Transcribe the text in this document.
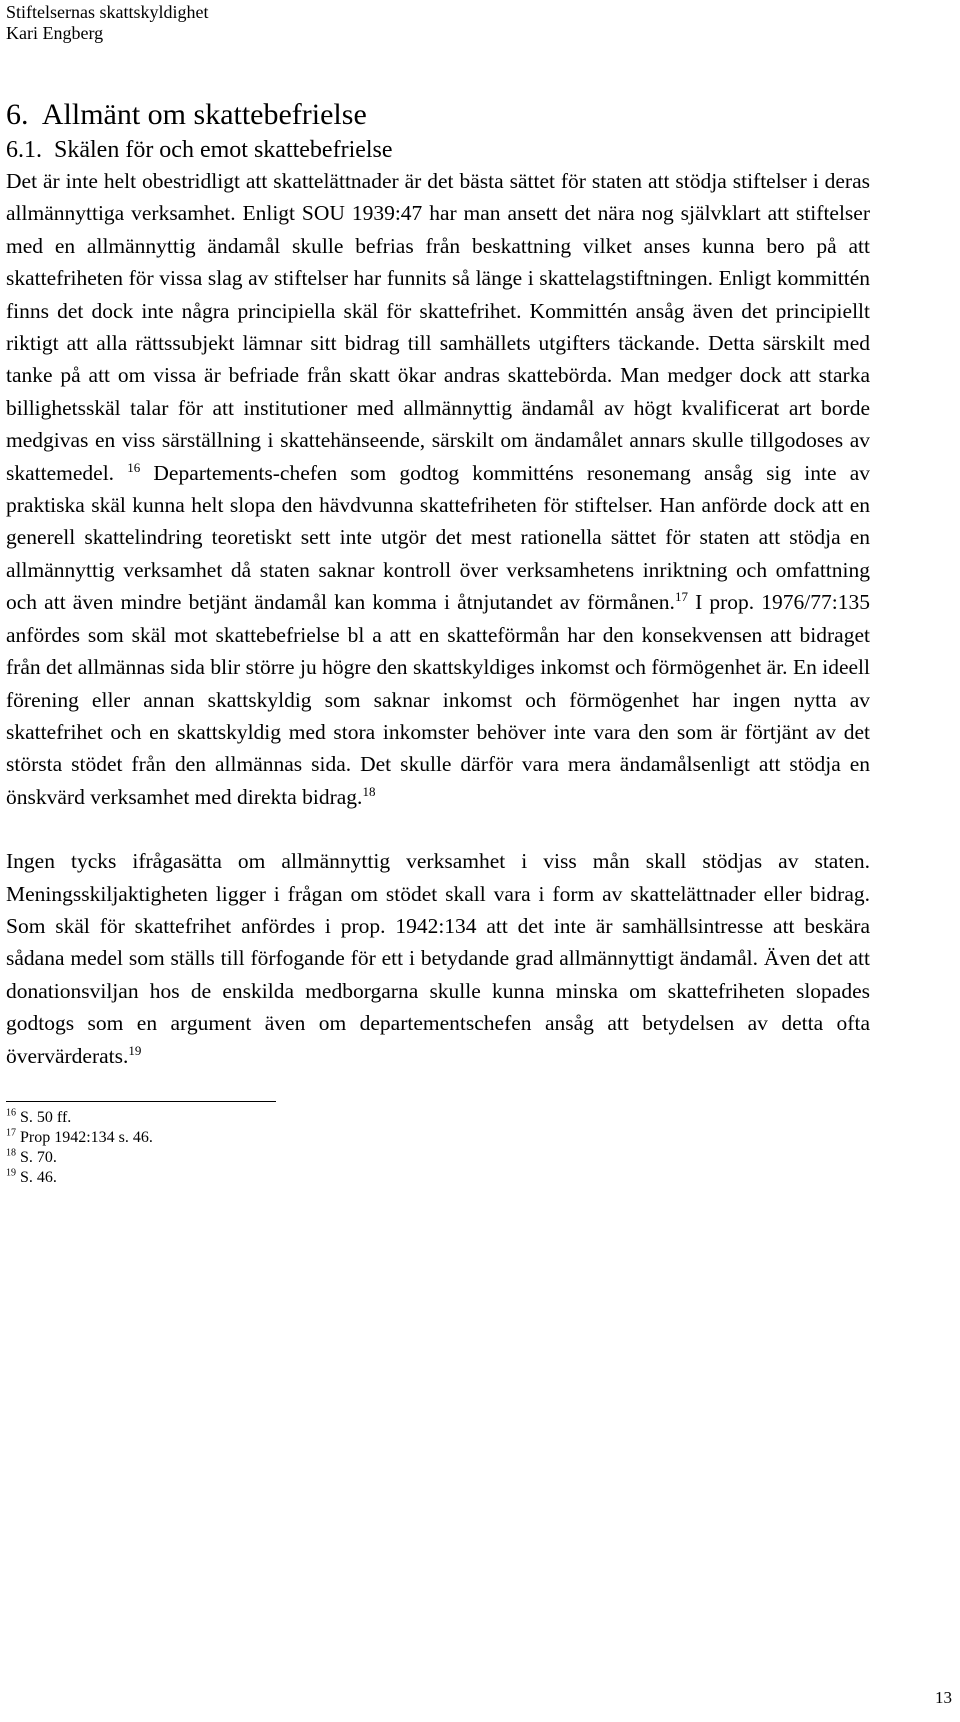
Stiftelsernas skattskyldighet
Kari Engberg
6. Allmänt om skattebefrielse
6.1. Skälen för och emot skattebefrielse

Det är inte helt obestridligt att skattelättnader är det bästa sättet för staten att stödja stiftelser i deras allmännyttiga verksamhet. Enligt SOU 1939:47 har man ansett det nära nog självklart att stiftelser med en allmännyttig ändamål skulle befrias från beskattning vilket anses kunna bero på att skattefriheten för vissa slag av stiftelser har funnits så länge i skattelagstiftningen. Enligt kommittén finns det dock inte några principiella skäl för skattefrihet. Kommittén ansåg även det principiellt riktigt att alla rättssubjekt lämnar sitt bidrag till samhällets utgifters täckande. Detta särskilt med tanke på att om vissa är befriade från skatt ökar andras skattebörda. Man medger dock att starka billighetsskäl talar för att institutioner med allmännyttig ändamål av högt kvalificerat art borde medgivas en viss särställning i skattehänseende, särskilt om ändamålet annars skulle tillgodoses av skattemedel. $^{16}$ Departements-chefen som godtog kommitténs resonemang ansåg sig inte av praktiska skäl kunna helt slopa den hävdvunna skattefriheten för stiftelser. Han anförde dock att en generell skattelindring teoretiskt sett inte utgör det mest rationella sättet för staten att stödja en allmännyttig verksamhet då staten saknar kontroll över verksamhetens inriktning och omfattning och att även mindre betjänt ändamål kan komma i åtnjutandet av förmånen.$^{17}$ I prop. 1976/77:135 anfördes som skäl mot skattebefrielse bl a att en skatteförmån har den konsekvensen att bidraget från det allmännas sida blir större ju högre den skattskyldiges inkomst och förmögenhet är. En ideell förening eller annan skattskyldig som saknar inkomst och förmögenhet har ingen nytta av skattefrihet och en skattskyldig med stora inkomster behöver inte vara den som är förtjänt av det största stödet från den allmännas sida. Det skulle därför vara mera ändamålsenligt att stödja en önskvärd verksamhet med direkta bidrag.$^{18}$

Ingen tycks ifrågasätta om allmännyttig verksamhet i viss mån skall stödjas av staten. Meningsskiljaktigheten ligger i frågan om stödet skall vara i form av skattelättnader eller bidrag. Som skäl för skattefrihet anfördes i prop. 1942:134 att det inte är samhällsintresse att beskära sådana medel som ställs till förfogande för ett i betydande grad allmännyttigt ändamål. Även det att donationsviljan hos de enskilda medborgarna skulle kunna minska om skattefriheten slopades godtogs som en argument även om departementschefen ansåg att betydelsen av detta ofta övervärderats.$^{19}$

$^{16}$ S. 50 ff.
$^{17}$ Prop 1942:134 s. 46.
$^{18}$ S. 70.
$^{19}$ S. 46.
13
